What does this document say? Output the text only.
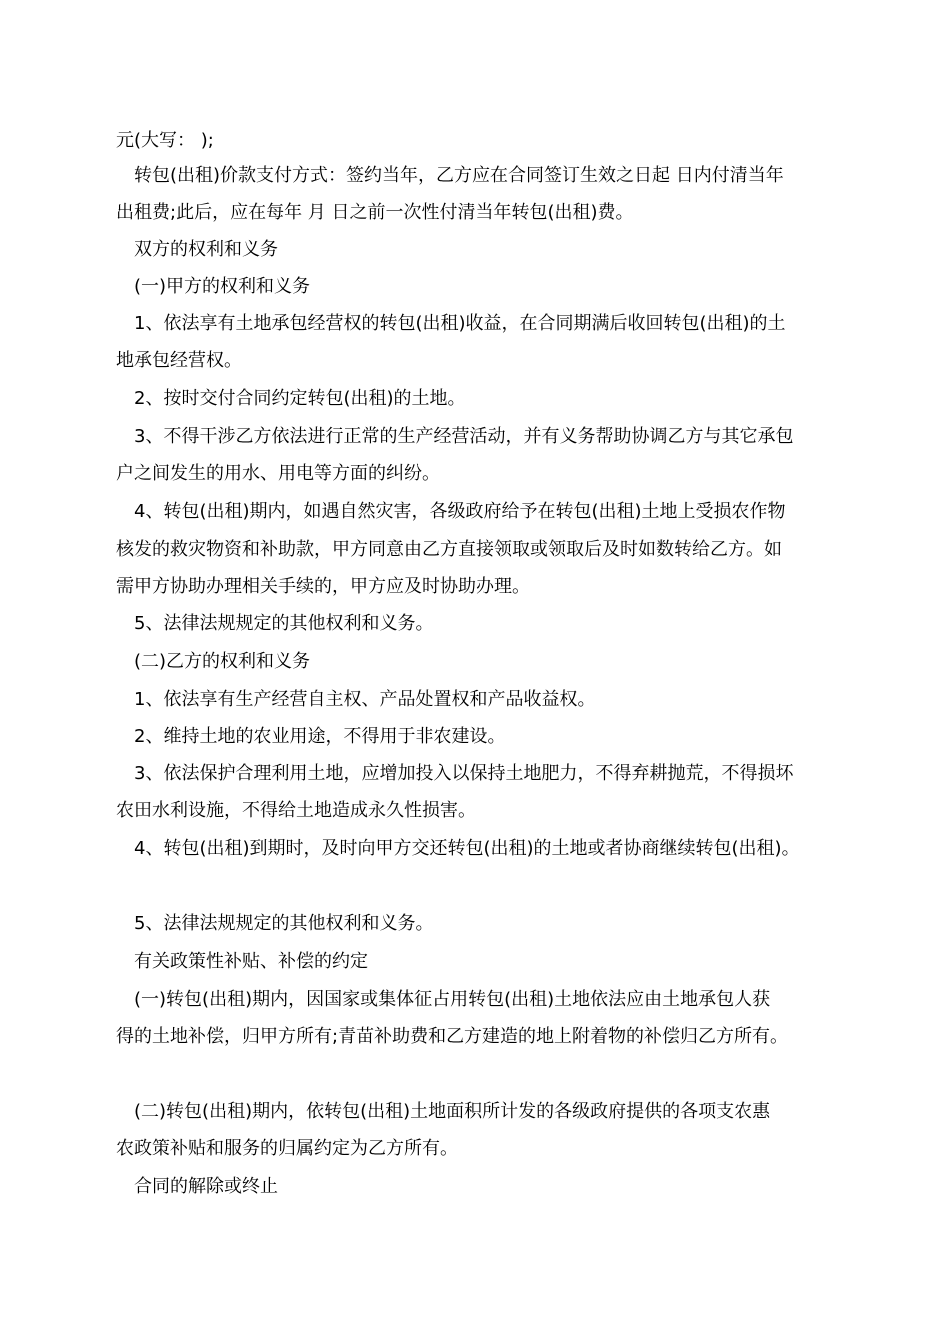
元(大写： );
转包(出租)价款支付方式：签约当年，乙方应在合同签订生效之日起 日内付清当年
出租费;此后，应在每年 月 日之前一次性付清当年转包(出租)费。
双方的权利和义务
(一)甲方的权利和义务
1、依法享有土地承包经营权的转包(出租)收益，在合同期满后收回转包(出租)的土
地承包经营权。
2、按时交付合同约定转包(出租)的土地。
3、不得干涉乙方依法进行正常的生产经营活动，并有义务帮助协调乙方与其它承包
户之间发生的用水、用电等方面的纠纷。
4、转包(出租)期内，如遇自然灾害，各级政府给予在转包(出租)土地上受损农作物
核发的救灾物资和补助款，甲方同意由乙方直接领取或领取后及时如数转给乙方。如
需甲方协助办理相关手续的，甲方应及时协助办理。
5、法律法规规定的其他权利和义务。
(二)乙方的权利和义务
1、依法享有生产经营自主权、产品处置权和产品收益权。
2、维持土地的农业用途，不得用于非农建设。
3、依法保护合理利用土地，应增加投入以保持土地肥力，不得弃耕抛荒，不得损坏
农田水利设施，不得给土地造成永久性损害。
4、转包(出租)到期时，及时向甲方交还转包(出租)的土地或者协商继续转包(出租)。
5、法律法规规定的其他权利和义务。
有关政策性补贴、补偿的约定
(一)转包(出租)期内，因国家或集体征占用转包(出租)土地依法应由土地承包人获
得的土地补偿，归甲方所有;青苗补助费和乙方建造的地上附着物的补偿归乙方所有。
(二)转包(出租)期内，依转包(出租)土地面积所计发的各级政府提供的各项支农惠
农政策补贴和服务的归属约定为乙方所有。
合同的解除或终止
